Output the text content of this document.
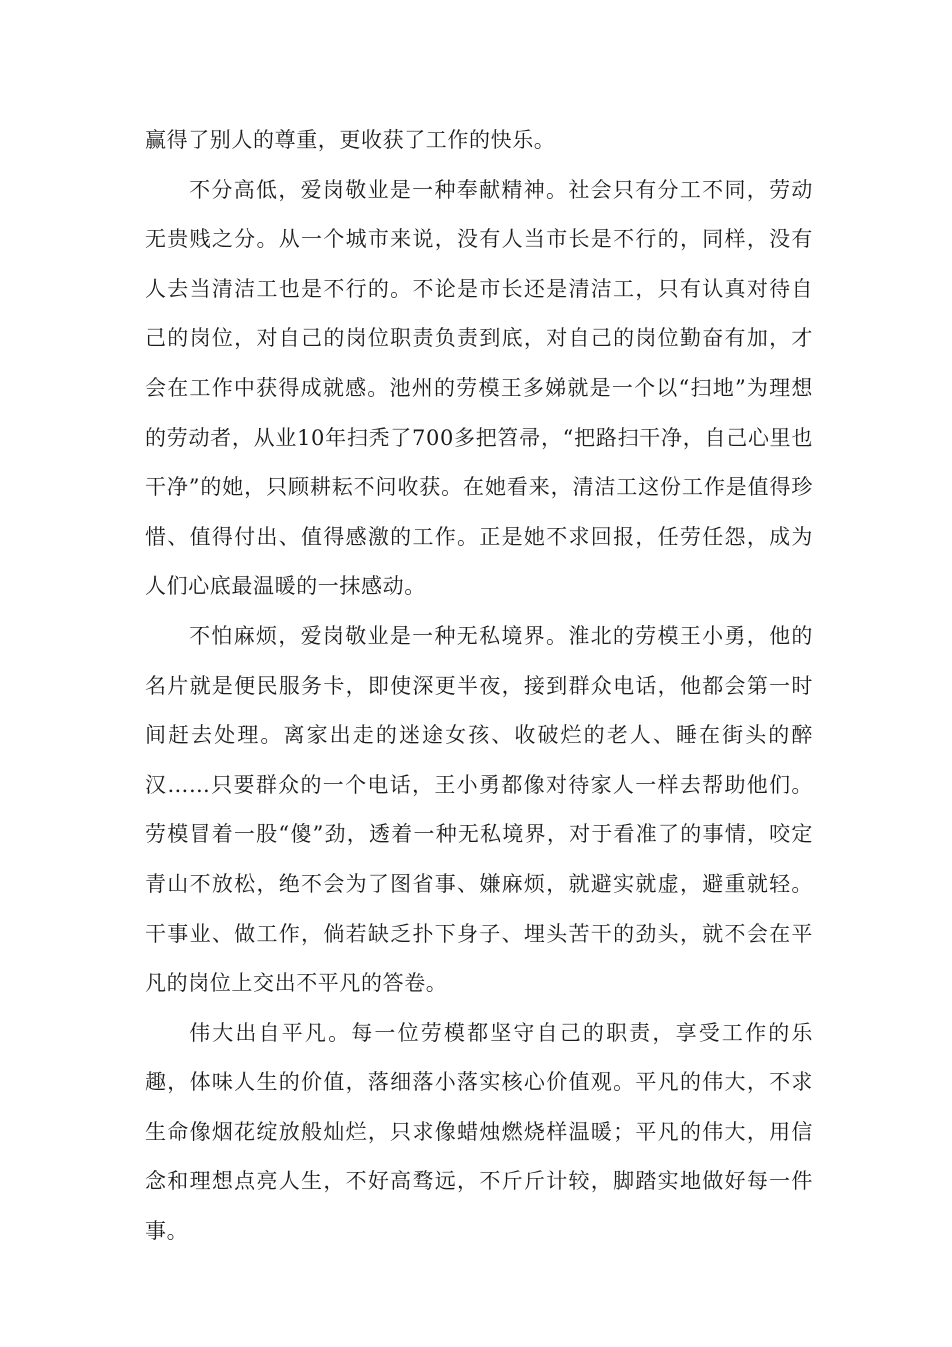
赢得了别人的尊重，更收获了工作的快乐。

不分高低，爱岗敬业是一种奉献精神。社会只有分工不同，劳动无贵贱之分。从一个城市来说，没有人当市长是不行的，同样，没有人去当清洁工也是不行的。不论是市长还是清洁工，只有认真对待自己的岗位，对自己的岗位职责负责到底，对自己的岗位勤奋有加，才会在工作中获得成就感。池州的劳模王多娣就是一个以“扫地”为理想的劳动者，从业10年扫秃了700多把笤帚，“把路扫干净，自己心里也干净”的她，只顾耕耘不问收获。在她看来，清洁工这份工作是值得珍惜、值得付出、值得感激的工作。正是她不求回报，任劳任怨，成为人们心底最温暖的一抹感动。

不怕麻烦，爱岗敬业是一种无私境界。淮北的劳模王小勇，他的名片就是便民服务卡，即使深更半夜，接到群众电话，他都会第一时间赶去处理。离家出走的迷途女孩、收破烂的老人、睡在街头的醉汉……只要群众的一个电话，王小勇都像对待家人一样去帮助他们。劳模冒着一股“傻”劲，透着一种无私境界，对于看准了的事情，咬定青山不放松，绝不会为了图省事、嫌麻烦，就避实就虚，避重就轻。干事业、做工作，倘若缺乏扑下身子、埋头苦干的劲头，就不会在平凡的岗位上交出不平凡的答卷。

伟大出自平凡。每一位劳模都坚守自己的职责，享受工作的乐趣，体味人生的价值，落细落小落实核心价值观。平凡的伟大，不求生命像烟花绽放般灿烂，只求像蜡烛燃烧样温暖；平凡的伟大，用信念和理想点亮人生，不好高骛远，不斤斤计较，脚踏实地做好每一件事。
